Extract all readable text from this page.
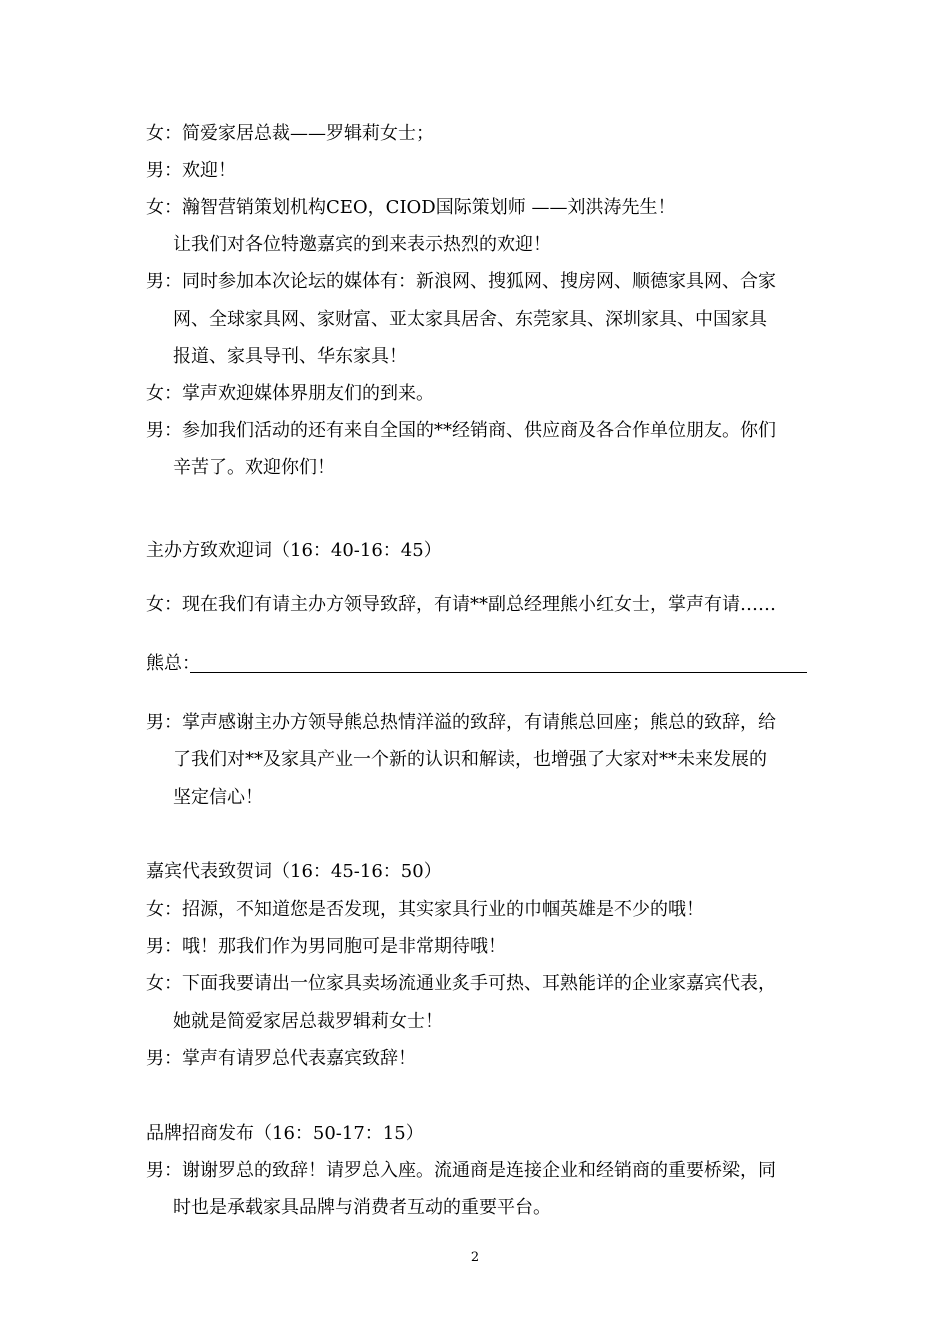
女：简爱家居总裁——罗辑莉女士；
男：欢迎！
女：瀚智营销策划机构CEO，CIOD国际策划师 ——刘洪涛先生！
让我们对各位特邀嘉宾的到来表示热烈的欢迎！
男：同时参加本次论坛的媒体有：新浪网、搜狐网、搜房网、顺德家具网、合家
网、全球家具网、家财富、亚太家具居舍、东莞家具、深圳家具、中国家具
报道、家具导刊、华东家具！
女：掌声欢迎媒体界朋友们的到来。
男：参加我们活动的还有来自全国的**经销商、供应商及各合作单位朋友。你们
辛苦了。欢迎你们！
主办方致欢迎词（16：40-16：45）
女：现在我们有请主办方领导致辞，有请**副总经理熊小红女士，掌声有请……
熊总：
男：掌声感谢主办方领导熊总热情洋溢的致辞，有请熊总回座；熊总的致辞，给
了我们对**及家具产业一个新的认识和解读，也增强了大家对**未来发展的
坚定信心！
嘉宾代表致贺词（16：45-16：50）
女：招源，不知道您是否发现，其实家具行业的巾帼英雄是不少的哦！
男：哦！那我们作为男同胞可是非常期待哦！
女：下面我要请出一位家具卖场流通业炙手可热、耳熟能详的企业家嘉宾代表，
她就是简爱家居总裁罗辑莉女士！
男：掌声有请罗总代表嘉宾致辞！
品牌招商发布（16：50-17：15）
男：谢谢罗总的致辞！请罗总入座。流通商是连接企业和经销商的重要桥梁，同
时也是承载家具品牌与消费者互动的重要平台。
2
